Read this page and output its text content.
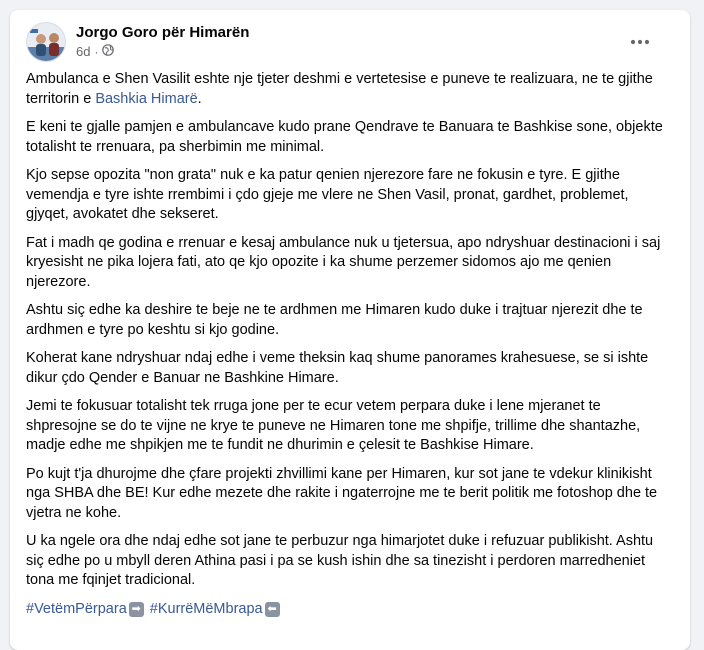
Jorgo Goro për Himarën
6d ·

Ambulanca e Shen Vasilit eshte nje tjeter deshmi e vertetesise e puneve te realizuara, ne te gjithe territorin e Bashkia Himarë.

E keni te gjalle pamjen e ambulancave kudo prane Qendrave te Banuara te Bashkise sone, objekte totalisht te rrenuara, pa sherbimin me minimal.

Kjo sepse opozita "non grata" nuk e ka patur qenien njerezore fare ne fokusin e tyre. E gjithe vemendja e tyre ishte rrembimi i çdo gjeje me vlere ne Shen Vasil, pronat, gardhet, problemet, gjyqet, avokatet dhe sekseret.

Fat i madh qe godina e rrenuar e kesaj ambulance nuk u tjetersua, apo ndryshuar destinacioni i saj kryesisht ne pika lojera fati, ato qe kjo opozite i ka shume perzemer sidomos ajo me qenien njerezore.

Ashtu siç edhe ka deshire te beje ne te ardhmen me Himaren kudo duke i trajtuar njerezit dhe te ardhmen e tyre po keshtu si kjo godine.

Koherat kane ndryshuar ndaj edhe i veme theksin kaq shume panorames krahesuese, se si ishte dikur çdo Qender e Banuar ne Bashkine Himare.

Jemi te fokusuar totalisht tek rruga jone per te ecur vetem perpara duke i lene mjeranet te shpresojne se do te vijne ne krye te puneve ne Himaren tone me shpifje, trillime dhe shantazhe, madje edhe me shpikjen me te fundit ne dhurimin e çelesit te Bashkise Himare.

Po kujt t'ja dhurojme dhe çfare projekti zhvillimi kane per Himaren, kur sot jane te vdekur klinikisht nga SHBA dhe BE! Kur edhe mezete dhe rakite i ngaterrojne me te berit politik me fotoshop dhe te vjetra ne kohe.

U ka ngele ora dhe ndaj edhe sot jane te perbuzur nga himarjotet duke i refuzuar publikisht. Ashtu siç edhe po u mbyll deren Athina pasi i pa se kush ishin dhe sa tinezisht i perdoren marredheniet tona me fqinjet tradicional.

#VetëmPërpara ➡ #KurrëMëMbrapa ⬅
